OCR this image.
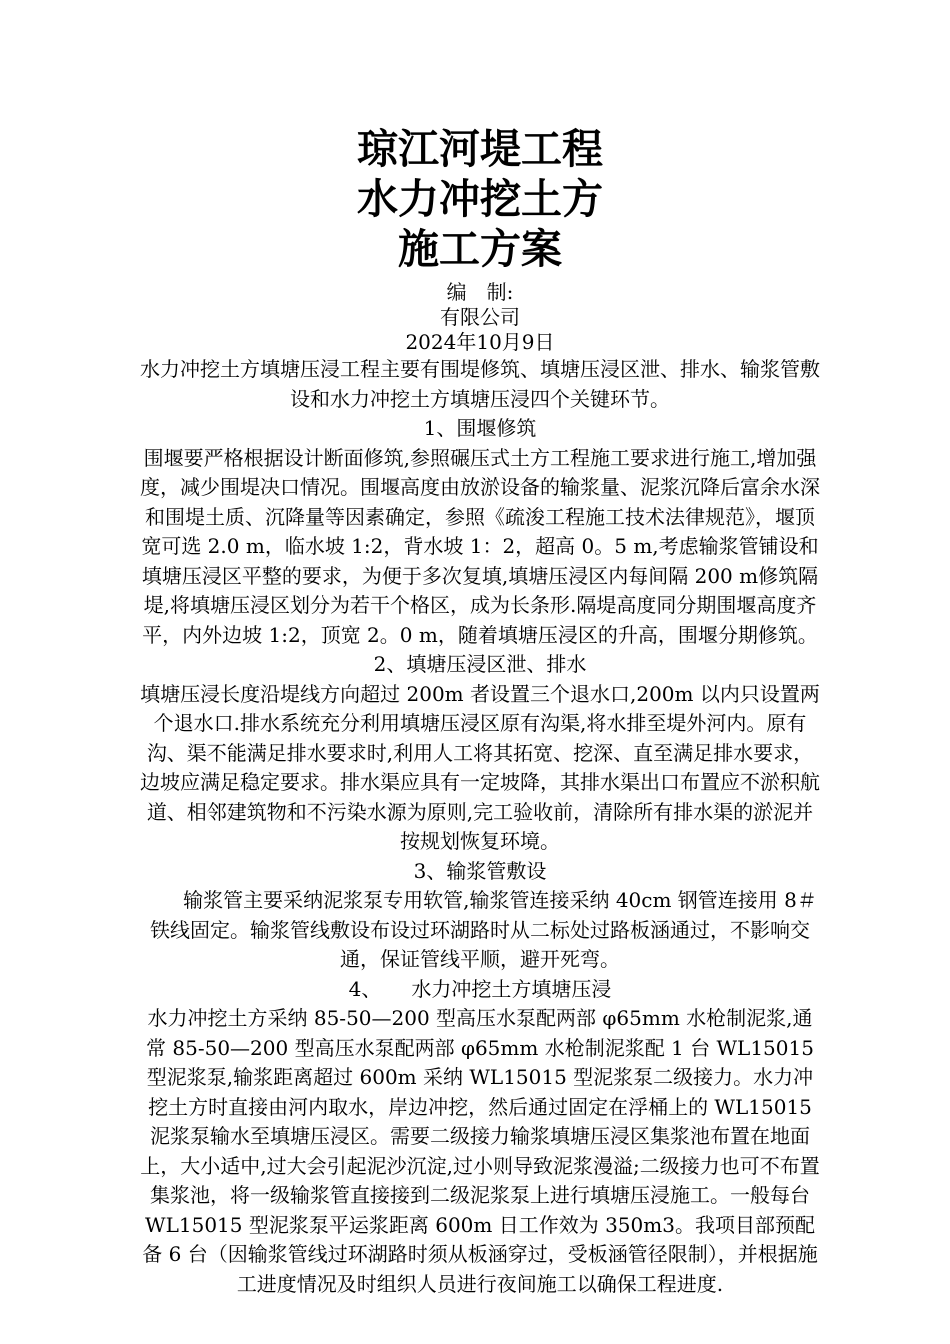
琼江河堤工程
水力冲挖土方
施工方案

编　制:

有限公司

2024年10月9日

水力冲挖土方填塘压浸工程主要有围堤修筑、填塘压浸区泄、排水、输浆管敷设和水力冲挖土方填塘压浸四个关键环节。

1、围堰修筑

围堰要严格根据设计断面修筑,参照碾压式土方工程施工要求进行施工,增加强度，减少围堤决口情况。围堰高度由放淤设备的输浆量、泥浆沉降后富余水深和围堤土质、沉降量等因素确定，参照《疏浚工程施工技术法律规范》，堰顶宽可选 2.0 m，临水坡 1:2，背水坡 1：2，超高 0。5 m,考虑输浆管铺设和填塘压浸区平整的要求，为便于多次复填,填塘压浸区内每间隔 200 m修筑隔堤,将填塘压浸区划分为若干个格区，成为长条形.隔堤高度同分期围堰高度齐平，内外边坡 1:2，顶宽 2。0 m，随着填塘压浸区的升高，围堰分期修筑。

2、填塘压浸区泄、排水

填塘压浸长度沿堤线方向超过 200m 者设置三个退水口,200m 以内只设置两个退水口.排水系统充分利用填塘压浸区原有沟渠,将水排至堤外河内。原有沟、渠不能满足排水要求时,利用人工将其拓宽、挖深、直至满足排水要求，边坡应满足稳定要求。排水渠应具有一定坡降，其排水渠出口布置应不淤积航道、相邻建筑物和不污染水源为原则,完工验收前，清除所有排水渠的淤泥并按规划恢复环境。

3、输浆管敷设

　　输浆管主要采纳泥浆泵专用软管,输浆管连接采纳 40cm 钢管连接用 8＃铁线固定。输浆管线敷设布设过环湖路时从二标处过路板涵通过，不影响交通，保证管线平顺，避开死弯。

4、　　水力冲挖土方填塘压浸

水力冲挖土方采纳 85-50—200 型高压水泵配两部 φ65mm 水枪制泥浆,通常 85-50—200 型高压水泵配两部 φ65mm 水枪制泥浆配 1 台 WL15015 型泥浆泵,输浆距离超过 600m 采纳 WL15015 型泥浆泵二级接力。水力冲挖土方时直接由河内取水，岸边冲挖，然后通过固定在浮桶上的 WL15015 泥浆泵输水至填塘压浸区。需要二级接力输浆填塘压浸区集浆池布置在地面上，大小适中,过大会引起泥沙沉淀,过小则导致泥浆漫溢;二级接力也可不布置集浆池，将一级输浆管直接接到二级泥浆泵上进行填塘压浸施工。一般每台 WL15015 型泥浆泵平运浆距离 600m 日工作效为 350m3。我项目部预配备 6 台（因输浆管线过环湖路时须从板涵穿过，受板涵管径限制），并根据施工进度情况及时组织人员进行夜间施工以确保工程进度.
